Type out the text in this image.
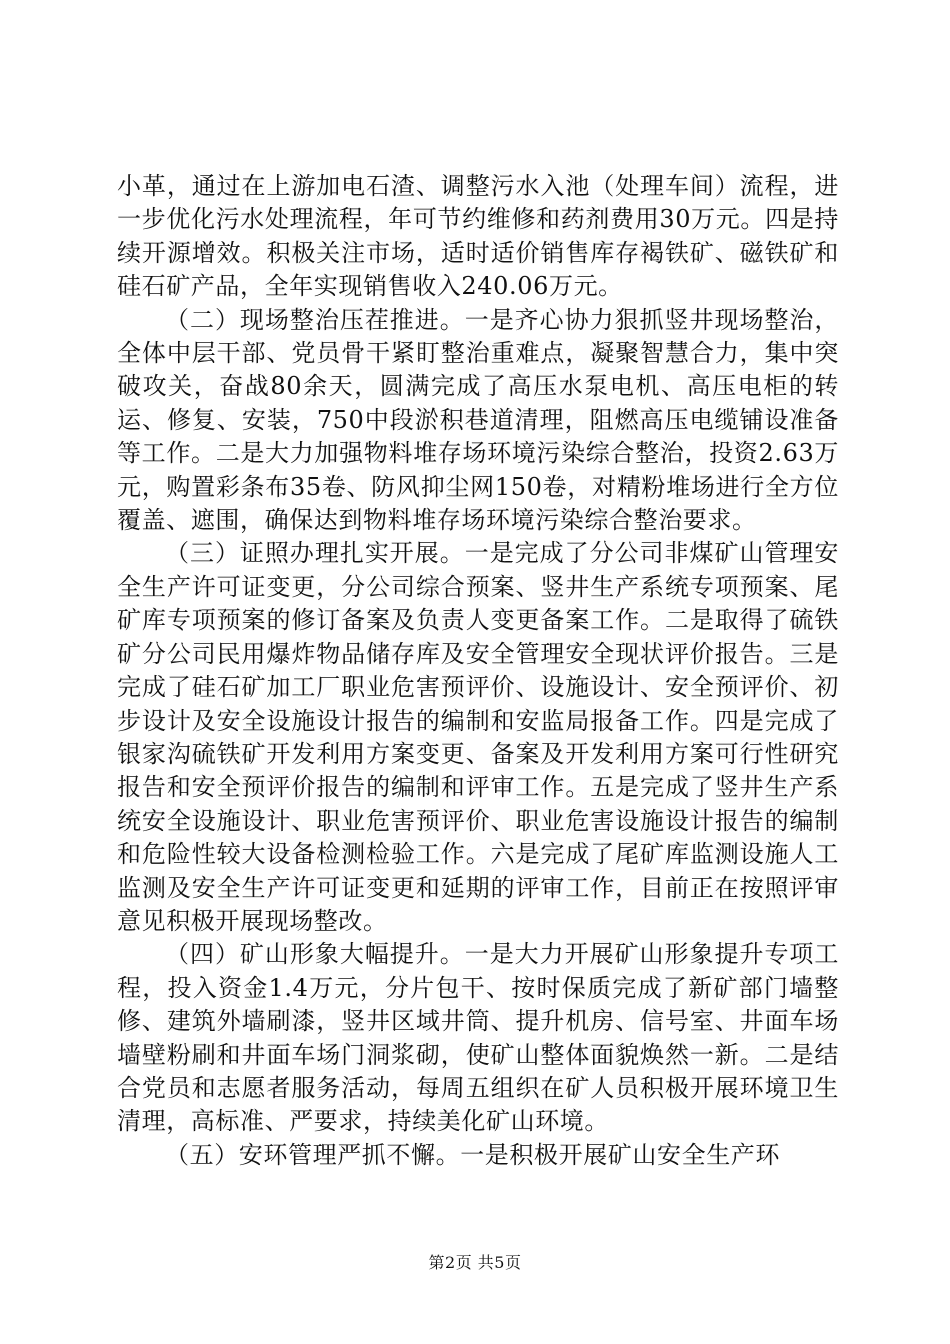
小革，通过在上游加电石渣、调整污水入池（处理车间）流程，进一步优化污水处理流程，年可节约维修和药剂费用30万元。四是持续开源增效。积极关注市场，适时适价销售库存褐铁矿、磁铁矿和硅石矿产品，全年实现销售收入240.06万元。

（二）现场整治压茬推进。一是齐心协力狠抓竖井现场整治，全体中层干部、党员骨干紧盯整治重难点，凝聚智慧合力，集中突破攻关，奋战80余天，圆满完成了高压水泵电机、高压电柜的转运、修复、安装，750中段淤积巷道清理，阻燃高压电缆铺设准备等工作。二是大力加强物料堆存场环境污染综合整治，投资2.63万元，购置彩条布35卷、防风抑尘网150卷，对精粉堆场进行全方位覆盖、遮围，确保达到物料堆存场环境污染综合整治要求。

（三）证照办理扎实开展。一是完成了分公司非煤矿山管理安全生产许可证变更，分公司综合预案、竖井生产系统专项预案、尾矿库专项预案的修订备案及负责人变更备案工作。二是取得了硫铁矿分公司民用爆炸物品储存库及安全管理安全现状评价报告。三是完成了硅石矿加工厂职业危害预评价、设施设计、安全预评价、初步设计及安全设施设计报告的编制和安监局报备工作。四是完成了银家沟硫铁矿开发利用方案变更、备案及开发利用方案可行性研究报告和安全预评价报告的编制和评审工作。五是完成了竖井生产系统安全设施设计、职业危害预评价、职业危害设施设计报告的编制和危险性较大设备检测检验工作。六是完成了尾矿库监测设施人工监测及安全生产许可证变更和延期的评审工作，目前正在按照评审意见积极开展现场整改。

（四）矿山形象大幅提升。一是大力开展矿山形象提升专项工程，投入资金1.4万元，分片包干、按时保质完成了新矿部门墙整修、建筑外墙刷漆，竖井区域井筒、提升机房、信号室、井面车场墙壁粉刷和井面车场门洞浆砌，使矿山整体面貌焕然一新。二是结合党员和志愿者服务活动，每周五组织在矿人员积极开展环境卫生清理，高标准、严要求，持续美化矿山环境。

（五）安环管理严抓不懈。一是积极开展矿山安全生产环

第2页 共5页
